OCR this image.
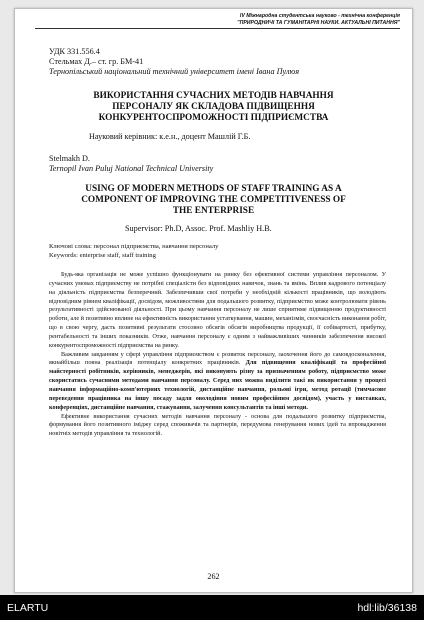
IV Міжнародна студентська науково - технічна конференція
"ПРИРОДНИЧІ ТА ГУМАНІТАРНІ НАУКИ. АКТУАЛЬНІ ПИТАННЯ"

УДК 331.556.4

Стельмах Д.– ст. гр. БМ-41

Тернопільський національний технічний університет імені Івана Пулюя

ВИКОРИСТАННЯ СУЧАСНИХ МЕТОДІВ НАВЧАННЯ
ПЕРСОНАЛУ ЯК СКЛАДОВА ПІДВИЩЕННЯ
КОНКУРЕНТОСПРОМОЖНОСТІ ПІДПРИЄМСТВА
Науковий керівник: к.е.н., доцент Машлій Г.Б.

Stelmakh D.

Ternopil Ivan Puluj National Technical University

USING OF MODERN METHODS OF STAFF TRAINING AS A
COMPONENT OF IMPROVING THE COMPETITIVENESS OF
THE ENTERPRISE
Supervisor: Ph.D, Assoc. Prof. Mashliy H.B.
Ключові слова: персонал підприємства, навчання персоналу
Keywords: enterprise staff, staff training

Будь-яка організація не може успішно функціонувати на ринку без ефективної системи управління персоналом. У сучасних умовах підприємству не потрібні спеціалісти без відповідних навичок, знань та вмінь. Вплив кадрового потенціалу на діяльність підприємства безперечний. Забезпечивши свої потреби у необхідній кількості працівників, що володіють відповідним рівнем кваліфікації, досвідом, можливостями для подальшого розвитку, підприємство може контролювати рівень результативності здійснюваної діяльності. При цьому навчання персоналу не лише сприятиме підвищенню продуктивності роботи, але й позитивно вплине на ефективність використання устаткування, машин, механізмів, своєчасність виконання робіт, що в свою чергу, дасть позитивні результати стосовно обсягів обсягів виробництва продукції, її собівартості, прибутку, рентабельності та інших показників. Отже, навчання персоналу є одним з найважливіших чинників забезпечення високої конкурентоспроможності підприємства на ринку.

Важливим завданням у сфері управління підприємством є розвиток персоналу, заохочення його до самовдосконалення, якнайбільш повна реалізація потенціалу конкретних працівників. Для підвищення кваліфікації та професійної майстерності робітників, керівників, менеджерів, які виконують різну за призначенням роботу, підприємство може скористатись сучасними методами навчання персоналу. Серед них можна виділити такі як використання у процесі навчання інформаційно-комп'ютерних технологій, дистанційне навчання, рольові ігри, метод ротації (тимчасове переведення працівника на іншу посаду задля оволодіння новим професійним досвідом), участь у виставках, конференціях, дистанційне навчання, стажування, залучення консультантів та інші методи.

Ефективне використання сучасних методів навчання персоналу - основа для подальшого розвитку підприємства, формування його позитивного іміджу серед споживачів та партнерів, передумова генерування нових ідей та впровадження новітніх методів управління та технологій.

262
ELARTU	hdl:lib/36138
